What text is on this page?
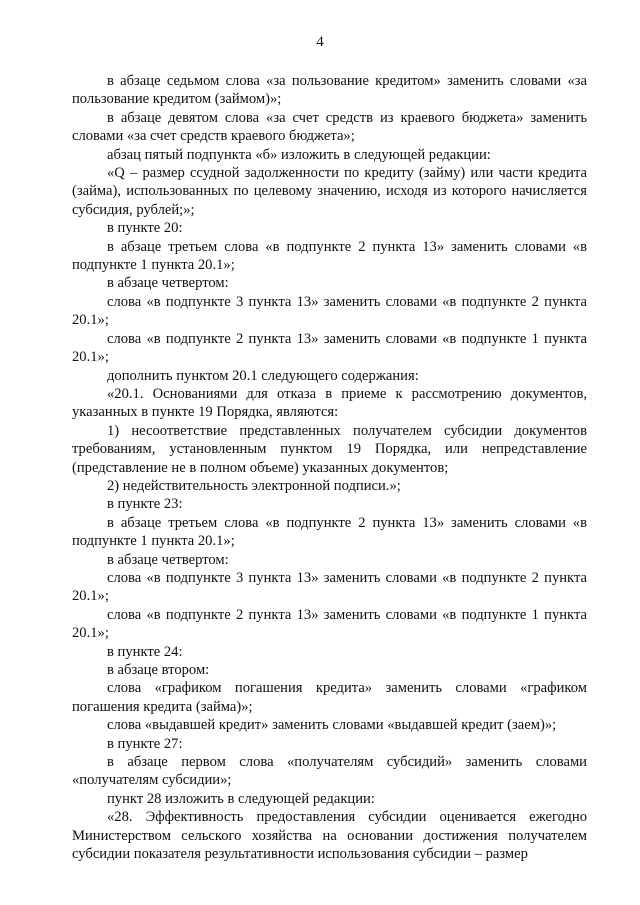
4

в абзаце седьмом слова «за пользование кредитом» заменить словами «за пользование кредитом (займом)»;

в абзаце девятом слова «за счет средств из краевого бюджета» заменить словами «за счет средств краевого бюджета»;

абзац пятый подпункта «б» изложить в следующей редакции:

«Q – размер ссудной задолженности по кредиту (займу) или части кредита (займа), использованных по целевому значению, исходя из которого начисляется субсидия, рублей;»;

в пункте 20:

в абзаце третьем слова «в подпункте 2 пункта 13» заменить словами «в подпункте 1 пункта 20.1»;

в абзаце четвертом:

слова «в подпункте 3 пункта 13» заменить словами «в подпункте 2 пункта 20.1»;

слова «в подпункте 2 пункта 13» заменить словами «в подпункте 1 пункта 20.1»;

дополнить пунктом 20.1 следующего содержания:

«20.1. Основаниями для отказа в приеме к рассмотрению документов, указанных в пункте 19 Порядка, являются:

1) несоответствие представленных получателем субсидии документов требованиям, установленным пунктом 19 Порядка, или непредставление (представление не в полном объеме) указанных документов;

2) недействительность электронной подписи.»;

в пункте 23:

в абзаце третьем слова «в подпункте 2 пункта 13» заменить словами «в подпункте 1 пункта 20.1»;

в абзаце четвертом:

слова «в подпункте 3 пункта 13» заменить словами «в подпункте 2 пункта 20.1»;

слова «в подпункте 2 пункта 13» заменить словами «в подпункте 1 пункта 20.1»;

в пункте 24:

в абзаце втором:

слова «графиком погашения кредита» заменить словами «графиком погашения кредита (займа)»;

слова «выдавшей кредит» заменить словами «выдавшей кредит (заем)»;

в пункте 27:

в абзаце первом слова «получателям субсидий» заменить словами «получателям субсидии»;

пункт 28 изложить в следующей редакции:

«28. Эффективность предоставления субсидии оценивается ежегодно Министерством сельского хозяйства на основании достижения получателем субсидии показателя результативности использования субсидии – размер
